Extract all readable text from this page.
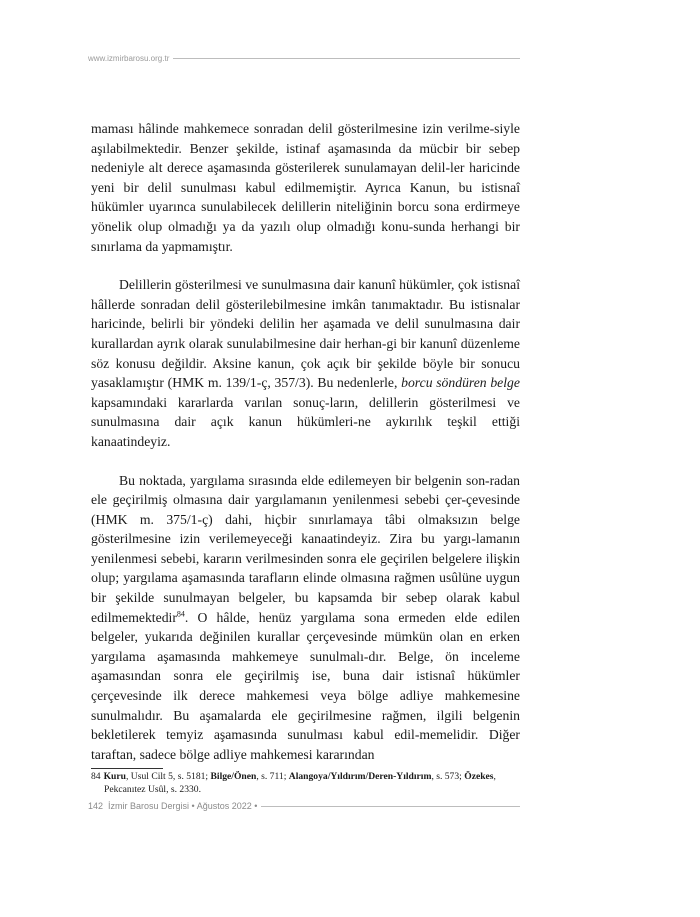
www.izmirbarosu.org.tr

maması hâlinde mahkemece sonradan delil gösterilmesine izin verilme-siyle aşılabilmektedir. Benzer şekilde, istinaf aşamasında da mücbir bir sebep nedeniyle alt derece aşamasında gösterilerek sunulamayan delil-ler haricinde yeni bir delil sunulması kabul edilmemiştir. Ayrıca Kanun, bu istisnaî hükümler uyarınca sunulabilecek delillerin niteliğinin borcu sona erdirmeye yönelik olup olmadığı ya da yazılı olup olmadığı konu-sunda herhangi bir sınırlama da yapmamıştır.

Delillerin gösterilmesi ve sunulmasına dair kanunî hükümler, çok istisnaî hâllerde sonradan delil gösterilebilmesine imkân tanımaktadır. Bu istisnalar haricinde, belirli bir yöndeki delilin her aşamada ve delil sunulmasına dair kurallardan ayrık olarak sunulabilmesine dair herhan-gi bir kanunî düzenleme söz konusu değildir. Aksine kanun, çok açık bir şekilde böyle bir sonucu yasaklamıştır (HMK m. 139/1-ç, 357/3). Bu nedenlerle, borcu söndüren belge kapsamındaki kararlarda varılan sonuç-ların, delillerin gösterilmesi ve sunulmasına dair açık kanun hükümleri-ne aykırılık teşkil ettiği kanaatindeyiz.

Bu noktada, yargılama sırasında elde edilemeyen bir belgenin son-radan ele geçirilmiş olmasına dair yargılamanın yenilenmesi sebebi çer-çevesinde (HMK m. 375/1-ç) dahi, hiçbir sınırlamaya tâbi olmaksızın belge gösterilmesine izin verilemeyeceği kanaatindeyiz. Zira bu yargı-lamanın yenilenmesi sebebi, kararın verilmesinden sonra ele geçirilen belgelere ilişkin olup; yargılama aşamasında tarafların elinde olmasına rağmen usûlüne uygun bir şekilde sunulmayan belgeler, bu kapsamda bir sebep olarak kabul edilmemektedir$^{84}$. O hâlde, henüz yargılama sona ermeden elde edilen belgeler, yukarıda değinilen kurallar çerçevesinde mümkün olan en erken yargılama aşamasında mahkemeye sunulmalı-dır. Belge, ön inceleme aşamasından sonra ele geçirilmiş ise, buna dair istisnaî hükümler çerçevesinde ilk derece mahkemesi veya bölge adliye mahkemesine sunulmalıdır. Bu aşamalarda ele geçirilmesine rağmen, ilgili belgenin bekletilerek temyiz aşamasında sunulması kabul edil-memelidir. Diğer taraftan, sadece bölge adliye mahkemesi kararından

84 Kuru, Usul Cilt 5, s. 5181; Bilge/Önen, s. 711; Alangoya/Yıldırım/Deren-Yıldırım, s. 573; Özekes,
Pekcanıtez Usûl, s. 2330.
142 İzmir Barosu Dergisi • Ağustos 2022 •
